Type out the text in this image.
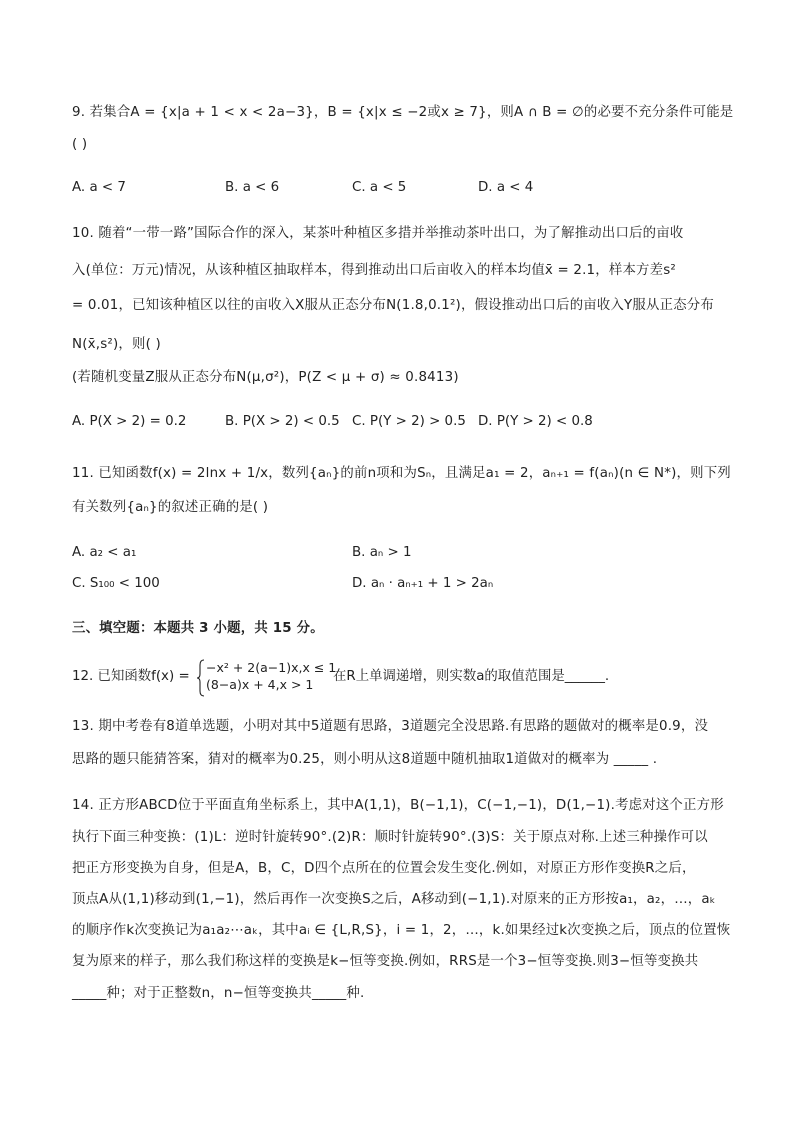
9. 若集合A = {x|a + 1 < x < 2a−3}，B = {x|x ≤ −2或x ≥ 7}，则A ∩ B = ∅的必要不充分条件可能是
( )
A. a < 7	B. a < 6	C. a < 5	D. a < 4
10. 随着“一带一路”国际合作的深入，某茶叶种植区多措并举推动茶叶出口，为了解推动出口后的亩收
入(单位：万元)情况，从该种植区抽取样本，得到推动出口后亩收入的样本均值x̄ = 2.1，样本方差s²
= 0.01，已知该种植区以往的亩收入X服从正态分布N(1.8,0.1²)，假设推动出口后的亩收入Y服从正态分布
N(x̄,s²)，则( )
(若随机变量Z服从正态分布N(μ,σ²)，P(Z < μ + σ) ≈ 0.8413)
A. P(X > 2) = 0.2	B. P(X > 2) < 0.5 C. P(Y > 2) > 0.5 D. P(Y > 2) < 0.8
11. 已知函数f(x) = 2lnx + 1/x，数列{aₙ}的前n项和为Sₙ，且满足a₁ = 2，aₙ₊₁ = f(aₙ)(n ∈ N*)，则下列
有关数列{aₙ}的叙述正确的是( )
A. a₂ < a₁	B. aₙ > 1
C. S₁₀₀ < 100	D. aₙ · aₙ₊₁ + 1 > 2aₙ
三、填空题：本题共 3 小题，共 15 分。
12. 已知函数f(x) =
−x² + 2(a−1)x,x ≤ 1
(8−a)x + 4,x > 1
在R上单调递增，则实数a的取值范围是______.
13. 期中考卷有8道单选题，小明对其中5道题有思路，3道题完全没思路.有思路的题做对的概率是0.9，没
思路的题只能猜答案，猜对的概率为0.25，则小明从这8道题中随机抽取1道做对的概率为 _____ .
14. 正方形ABCD位于平面直角坐标系上，其中A(1,1)，B(−1,1)，C(−1,−1)，D(1,−1).考虑对这个正方形
执行下面三种变换：(1)L：逆时针旋转90°.(2)R：顺时针旋转90°.(3)S：关于原点对称.上述三种操作可以
把正方形变换为自身，但是A，B，C，D四个点所在的位置会发生变化.例如，对原正方形作变换R之后，
顶点A从(1,1)移动到(1,−1)，然后再作一次变换S之后，A移动到(−1,1).对原来的正方形按a₁，a₂，…，aₖ
的顺序作k次变换记为a₁a₂⋯aₖ，其中aᵢ ∈ {L,R,S}，i = 1，2，…，k.如果经过k次变换之后，顶点的位置恢
复为原来的样子，那么我们称这样的变换是k−恒等变换.例如，RRS是一个3−恒等变换.则3−恒等变换共
_____种；对于正整数n，n−恒等变换共_____种.
